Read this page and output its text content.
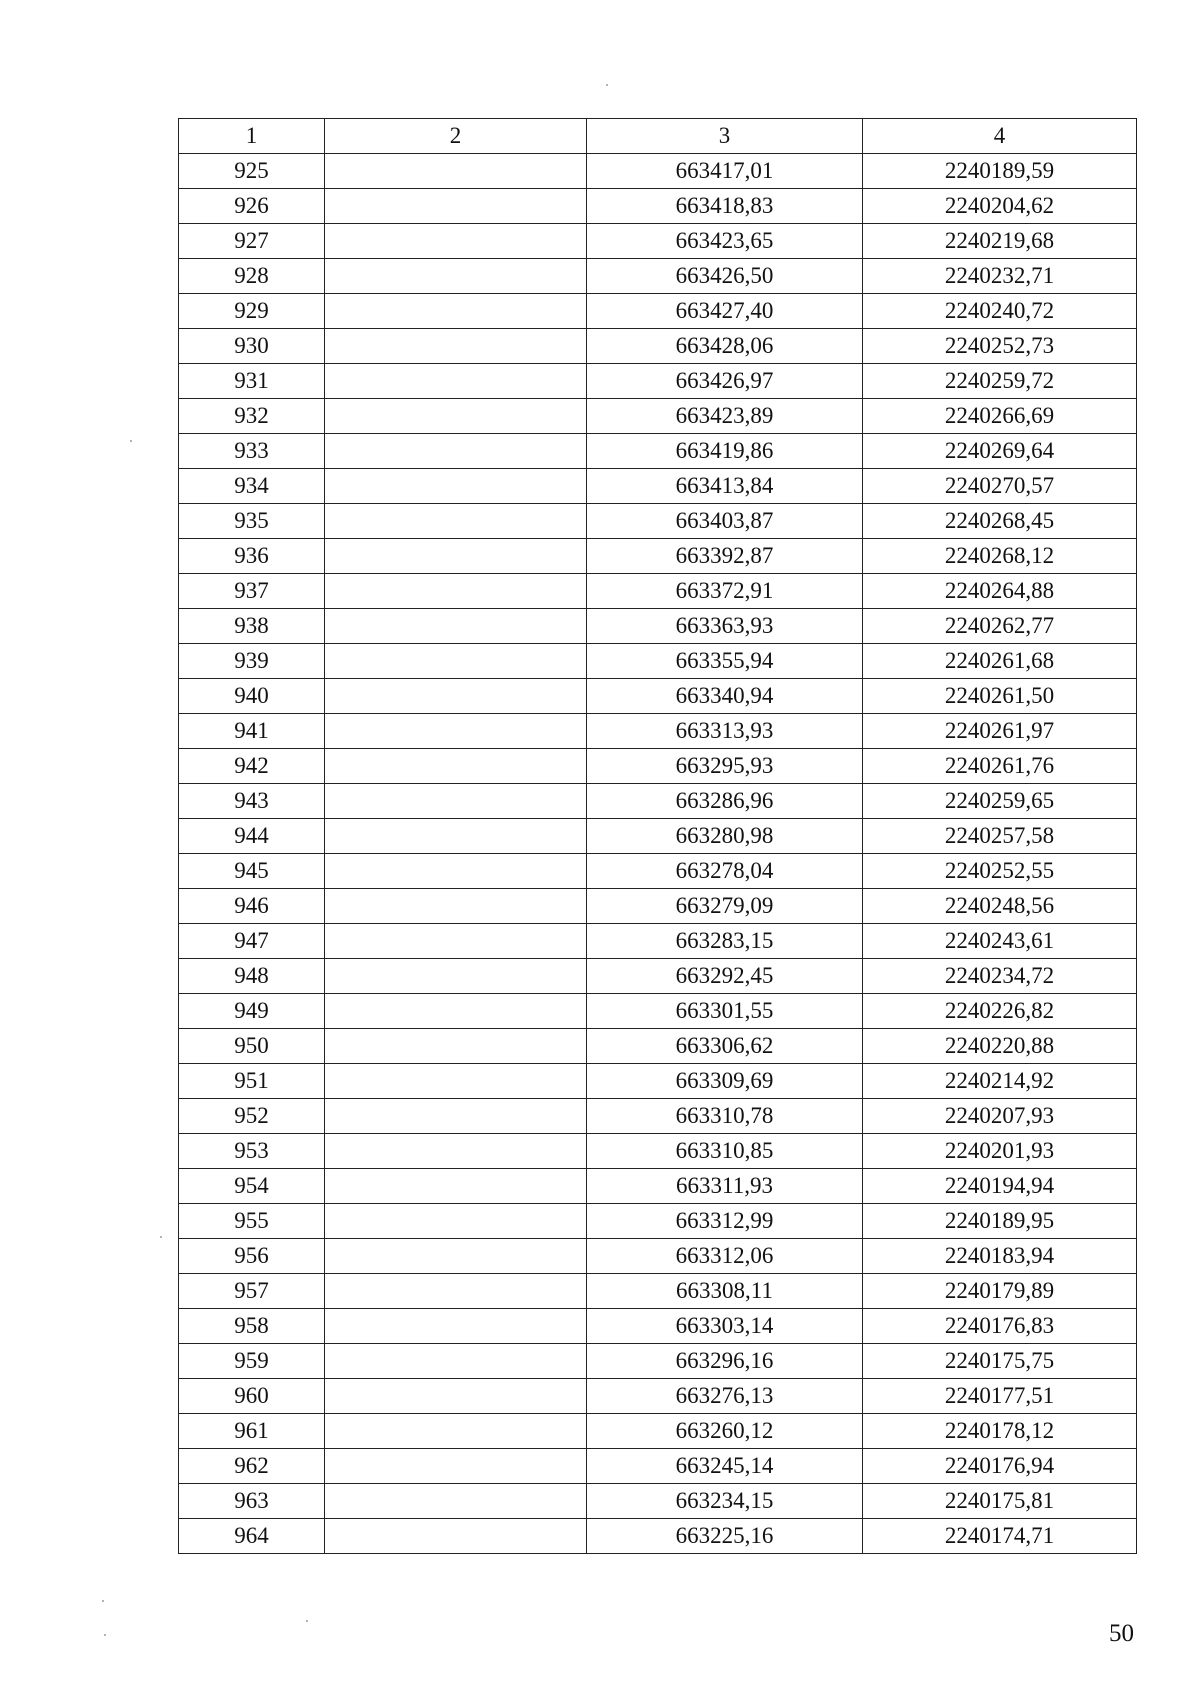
1	2	3	4
925		663417,01	2240189,59
926		663418,83	2240204,62
927		663423,65	2240219,68
928		663426,50	2240232,71
929		663427,40	2240240,72
930		663428,06	2240252,73
931		663426,97	2240259,72
932		663423,89	2240266,69
933		663419,86	2240269,64
934		663413,84	2240270,57
935		663403,87	2240268,45
936		663392,87	2240268,12
937		663372,91	2240264,88
938		663363,93	2240262,77
939		663355,94	2240261,68
940		663340,94	2240261,50
941		663313,93	2240261,97
942		663295,93	2240261,76
943		663286,96	2240259,65
944		663280,98	2240257,58
945		663278,04	2240252,55
946		663279,09	2240248,56
947		663283,15	2240243,61
948		663292,45	2240234,72
949		663301,55	2240226,82
950		663306,62	2240220,88
951		663309,69	2240214,92
952		663310,78	2240207,93
953		663310,85	2240201,93
954		663311,93	2240194,94
955		663312,99	2240189,95
956		663312,06	2240183,94
957		663308,11	2240179,89
958		663303,14	2240176,83
959		663296,16	2240175,75
960		663276,13	2240177,51
961		663260,12	2240178,12
962		663245,14	2240176,94
963		663234,15	2240175,81
964		663225,16	2240174,71
50
